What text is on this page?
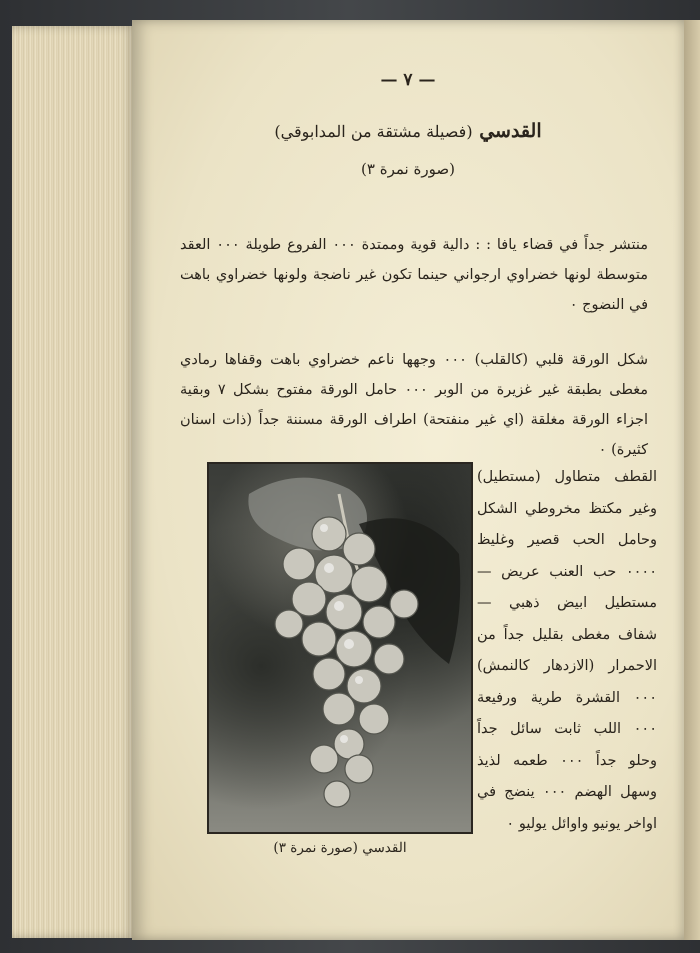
— ٧ —
القدسي (فصيلة مشتقة من المدابوقي)
(صورة نمرة ٣)
منتشر جداً في قضاء يافا : : دالية قوية وممتدة ٠٠٠ الفروع طويلة ٠٠٠ العقد متوسطة لونها خضراوي ارجواني حينما تكون غير ناضجة ولونها خضراوي باهت في النضوج ٠
شكل الورقة قلبي (كالقلب) ٠٠٠ وجهها ناعم خضراوي باهت وقفاها رمادي مغطى بطبقة غير غزيرة من الوبر ٠٠٠ حامل الورقة مفتوح بشكل ٧ وبقية اجزاء الورقة مغلقة (اي غير منفتحة) اطراف الورقة مسننة جداً (ذات اسنان كثيرة) ٠
القطف متطاول (مستطيل) وغير مكتظ مخروطي الشكل وحامل الحب قصير وغليظ ٠٠٠٠ حب العنب عريض — مستطيل ابيض ذهبي — شفاف مغطى بقليل جداً من الاحمرار (الازدهار كالنمش) ٠٠٠ القشرة طرية ورفيعة ٠٠٠ اللب ثابت سائل جداً وحلو جداً ٠٠٠ طعمه لذيذ وسهل الهضم ٠٠٠ ينضج في اواخر يونيو واوائل يوليو ٠
القدسي (صورة نمرة ٣)
